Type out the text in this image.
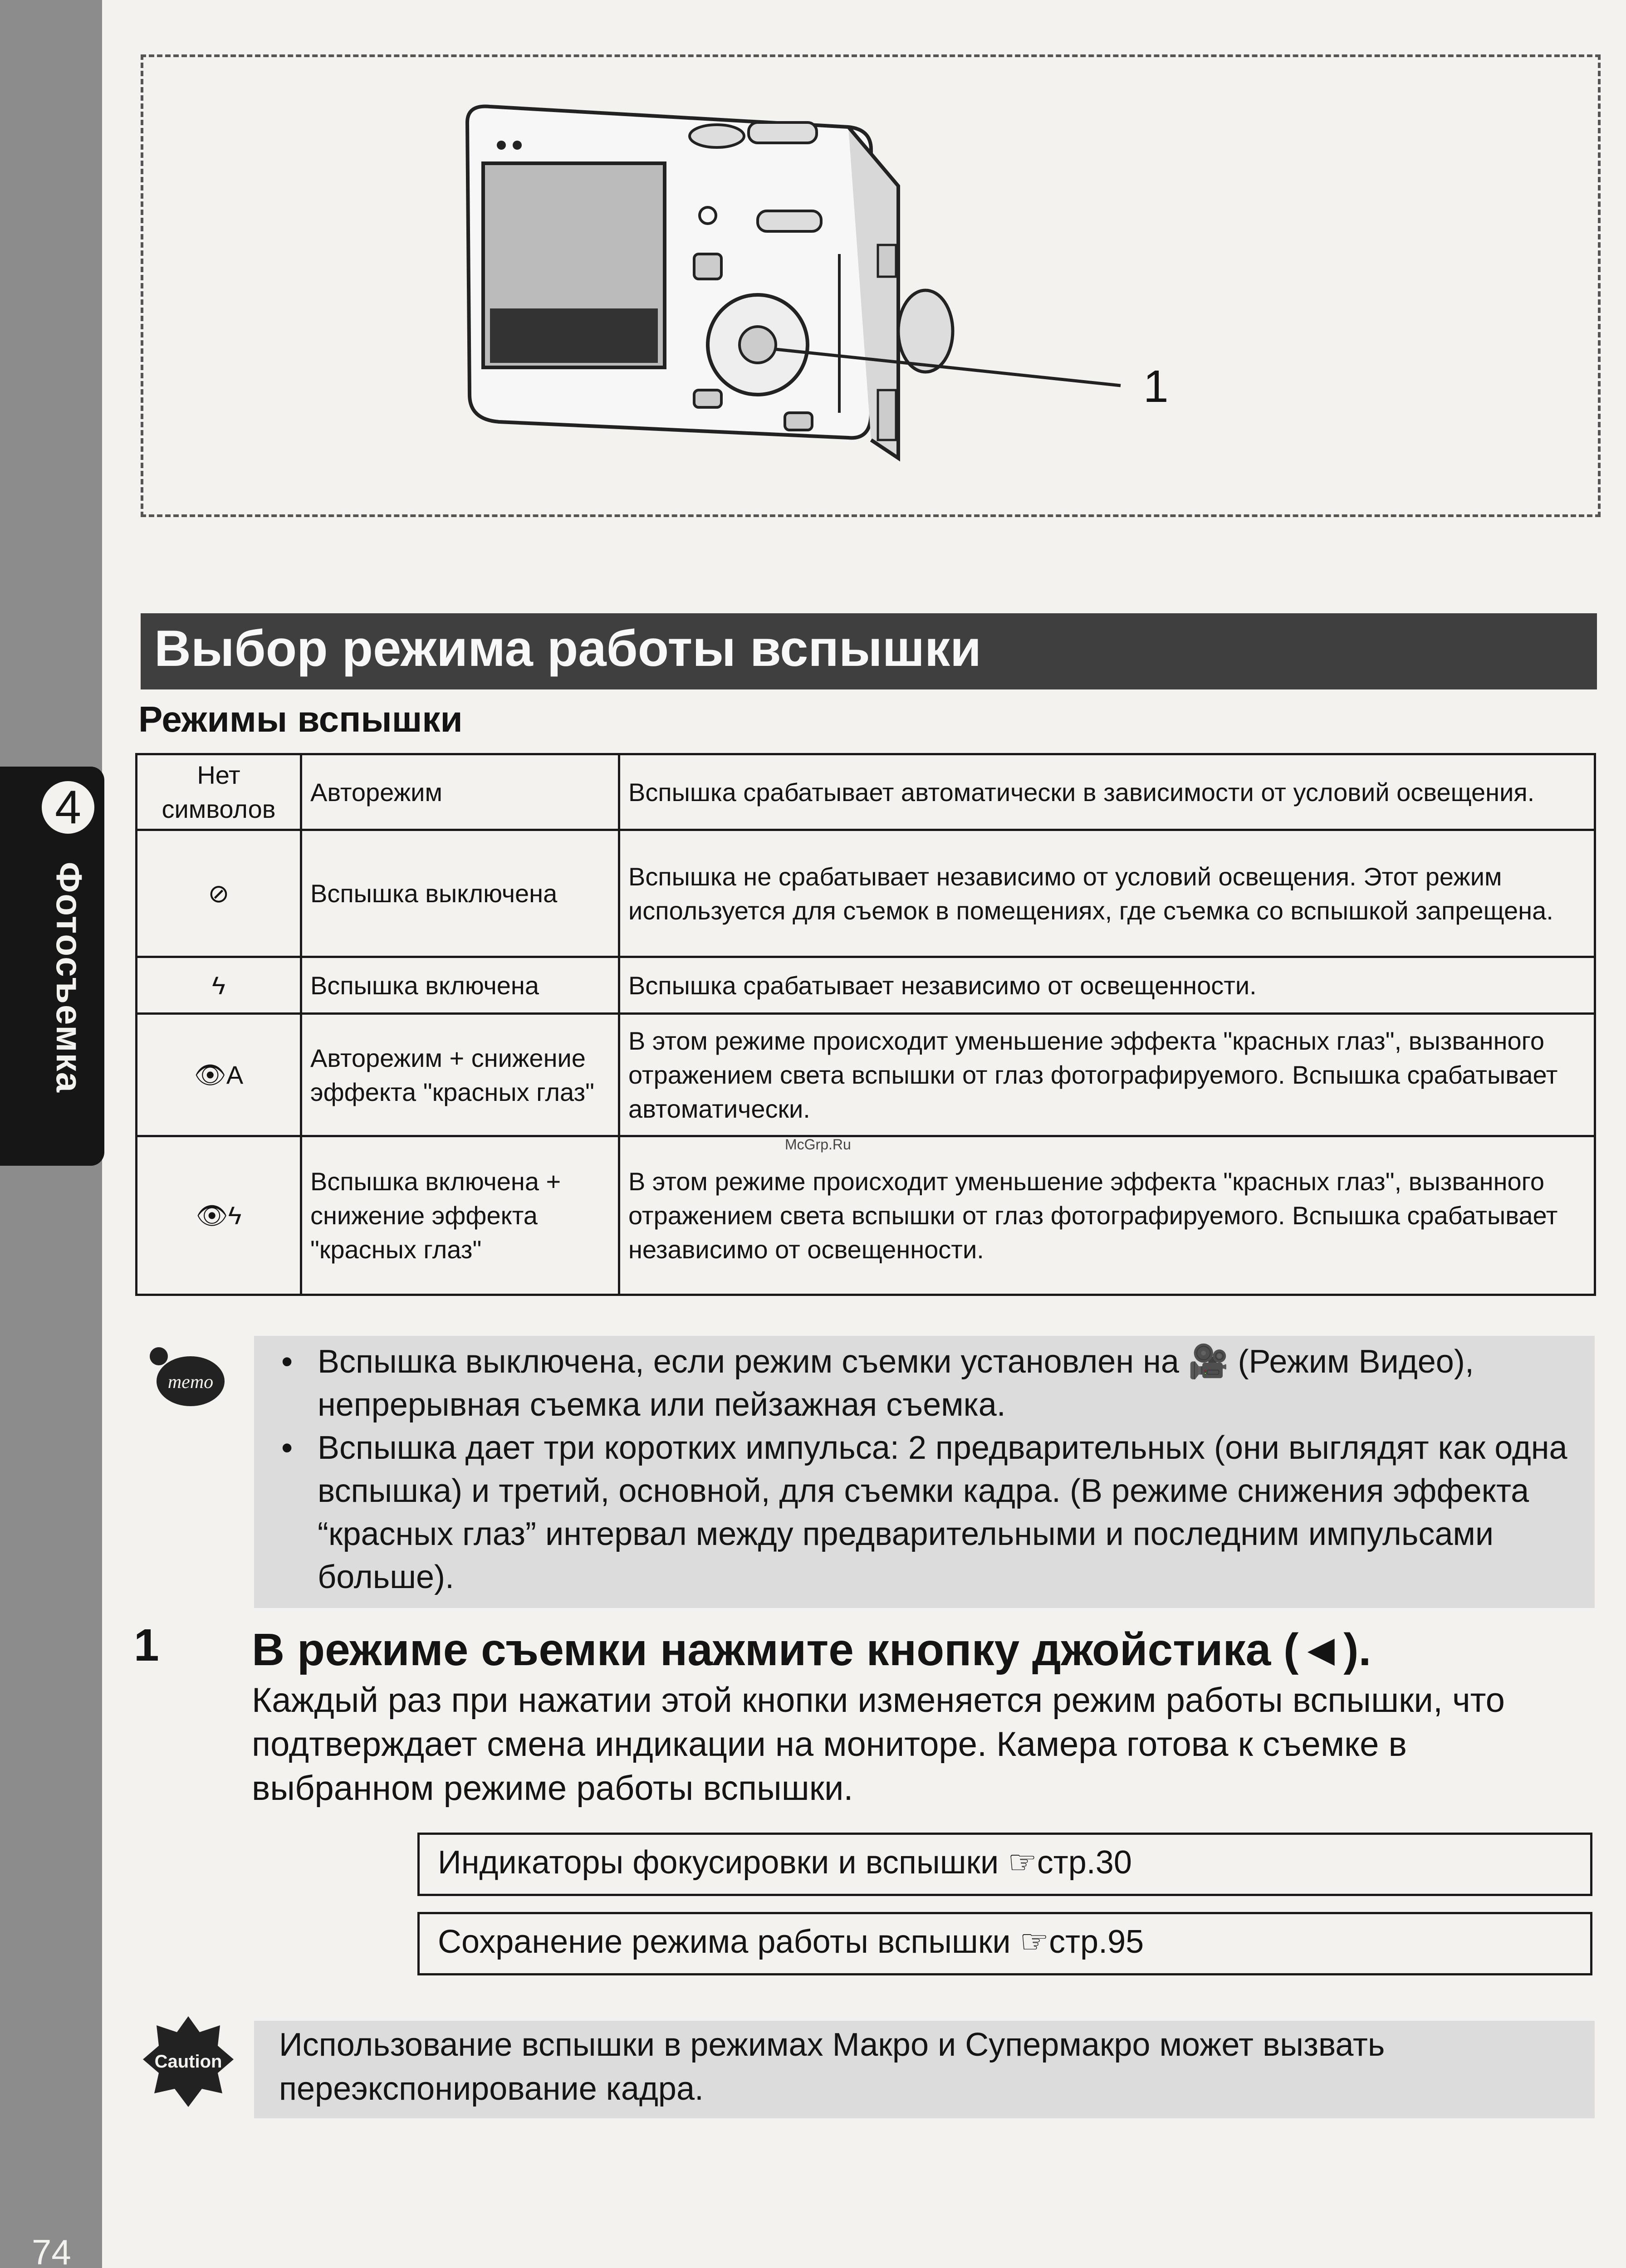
4
Фотосъемка
74
1
Выбор режима работы вспышки
Режимы вспышки
Нет символов	Авторежим	Вспышка срабатывает автоматически в зависимости от условий освещения.
⊘	Вспышка выключена	Вспышка не срабатывает независимо от условий освещения. Этот режим используется для съемок в помещениях, где съемка со вспышкой запрещена.
ϟ	Вспышка включена	Вспышка срабатывает независимо от освещенности.
👁A	Авторежим + снижение эффекта "красных глаз"	В этом режиме происходит уменьшение эффекта "красных глаз", вызванного отражением света вспышки от глаз фотографируемого. Вспышка срабатывает автоматически.
👁ϟ	Вспышка включена + снижение эффекта "красных глаз"	В этом режиме происходит уменьшение эффекта "красных глаз", вызванного отражением света вспышки от глаз фотографируемого. Вспышка срабатывает независимо от освещенности.
McGrp.Ru
memo
• Вспышка выключена, если режим съемки установлен на 🎥 (Режим Видео), непрерывная съемка или пейзажная съемка.
• Вспышка дает три коротких импульса: 2 предварительных (они выглядят как одна вспышка) и третий, основной, для съемки кадра. (В режиме снижения эффекта “красных глаз” интервал между предварительными и последним импульсами больше).
1 В режиме съемки нажмите кнопку джойстика (◄).
Каждый раз при нажатии этой кнопки изменяется режим работы вспышки, что подтверждает смена индикации на мониторе. Камера готова к съемке в выбранном режиме работы вспышки.
Индикаторы фокусировки и вспышки ☞стр.30
Сохранение режима работы вспышки ☞стр.95
Caution Использование вспышки в режимах Макро и Супермакро может вызвать переэкспонирование кадра.
